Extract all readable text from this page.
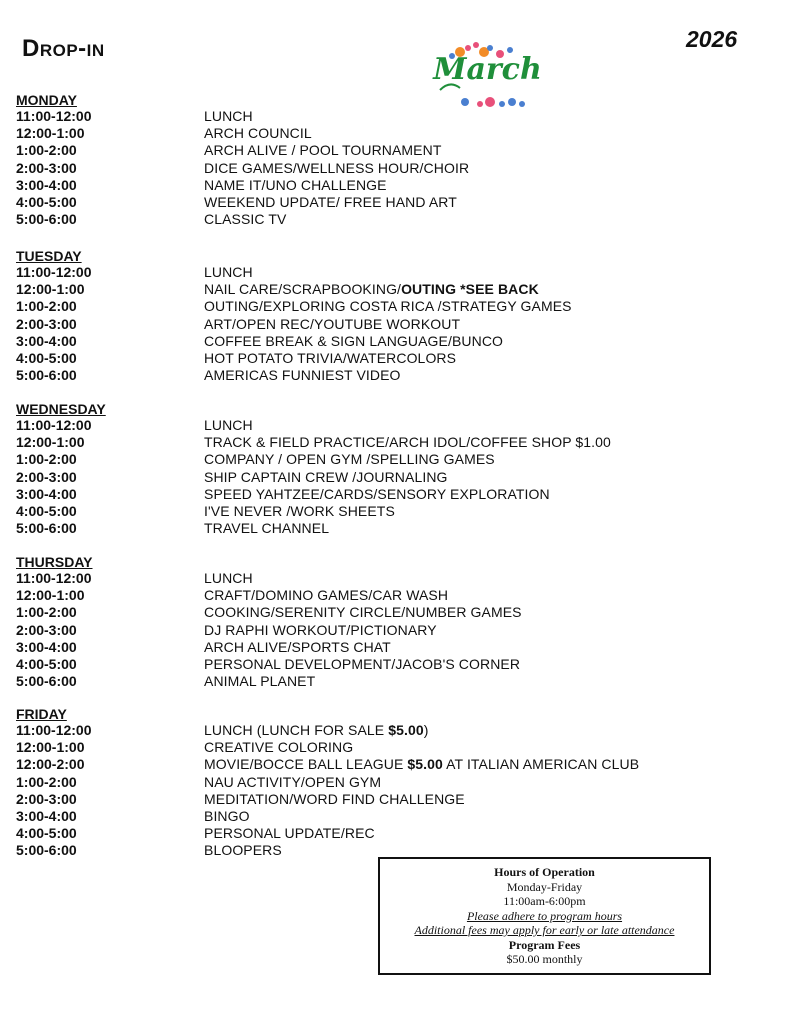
Drop-in	2026
March
MONDAY
11:00-12:00	LUNCH
12:00-1:00	ARCH COUNCIL
1:00-2:00	ARCH ALIVE / POOL TOURNAMENT
2:00-3:00	DICE GAMES/WELLNESS HOUR/CHOIR
3:00-4:00	NAME IT/UNO CHALLENGE
4:00-5:00	WEEKEND UPDATE/ FREE HAND ART
5:00-6:00	CLASSIC TV
TUESDAY
11:00-12:00	LUNCH
12:00-1:00	NAIL CARE/SCRAPBOOKING/OUTING *SEE BACK
1:00-2:00	OUTING/EXPLORING COSTA RICA /STRATEGY GAMES
2:00-3:00	ART/OPEN REC/YOUTUBE WORKOUT
3:00-4:00	COFFEE BREAK & SIGN LANGUAGE/BUNCO
4:00-5:00	HOT POTATO TRIVIA/WATERCOLORS
5:00-6:00	AMERICAS FUNNIEST VIDEO
WEDNESDAY
11:00-12:00	LUNCH
12:00-1:00	TRACK & FIELD PRACTICE/ARCH IDOL/COFFEE SHOP $1.00
1:00-2:00	COMPANY / OPEN GYM /SPELLING GAMES
2:00-3:00	SHIP CAPTAIN CREW /JOURNALING
3:00-4:00	SPEED YAHTZEE/CARDS/SENSORY EXPLORATION
4:00-5:00	I'VE NEVER /WORK SHEETS
5:00-6:00	TRAVEL CHANNEL
THURSDAY
11:00-12:00	LUNCH
12:00-1:00	CRAFT/DOMINO GAMES/CAR WASH
1:00-2:00	COOKING/SERENITY CIRCLE/NUMBER GAMES
2:00-3:00	DJ RAPHI WORKOUT/PICTIONARY
3:00-4:00	ARCH ALIVE/SPORTS CHAT
4:00-5:00	PERSONAL DEVELOPMENT/JACOB'S CORNER
5:00-6:00	ANIMAL PLANET
FRIDAY
11:00-12:00	LUNCH (LUNCH FOR SALE $5.00)
12:00-1:00	CREATIVE COLORING
12:00-2:00	MOVIE/BOCCE BALL LEAGUE $5.00 AT ITALIAN AMERICAN CLUB
1:00-2:00	NAU ACTIVITY/OPEN GYM
2:00-3:00	MEDITATION/WORD FIND CHALLENGE
3:00-4:00	BINGO
4:00-5:00	PERSONAL UPDATE/REC
5:00-6:00	BLOOPERS
Hours of Operation
Monday-Friday
11:00am-6:00pm
Please adhere to program hours
Additional fees may apply for early or late attendance
Program Fees
$50.00 monthly
